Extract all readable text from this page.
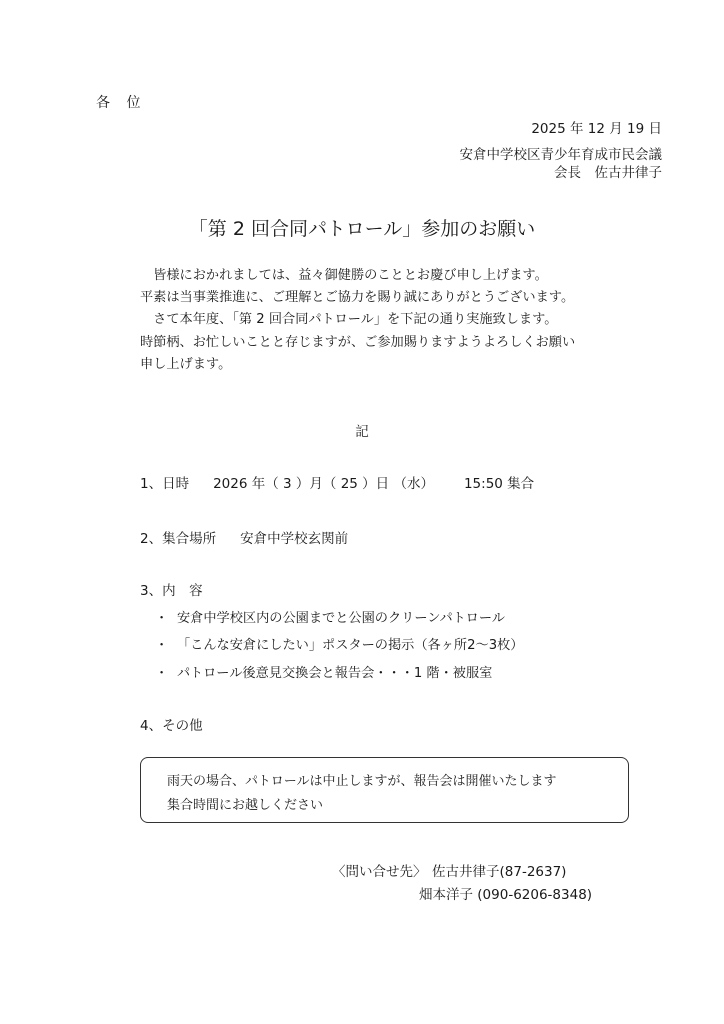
各 位
2025 年 12 月 19 日
安倉中学校区青少年育成市民会議
会長　佐古井律子
「第 2 回合同パトロール」参加のお願い

　皆様におかれましては、益々御健勝のこととお慶び申し上げます。

平素は当事業推進に、ご理解とご協力を賜り誠にありがとうございます。

　さて本年度、「第 2 回合同パトロール」を下記の通り実施致します。

時節柄、お忙しいことと存じますが、ご参加賜りますようよろしくお願い

申し上げます。

記
1、日時 2026 年（ 3 ）月（ 25 ）日 （水） 15:50 集合
2、集合場所 安倉中学校玄関前
3、内　容
・ 安倉中学校区内の公園までと公園のクリーンパトロール
・ 「こんな安倉にしたい」ポスターの掲示（各ヶ所2～3枚）
・ パトロール後意見交換会と報告会・・・1 階・被服室
4、その他
雨天の場合、パトロールは中止しますが、報告会は開催いたします
集合時間にお越しください
〈問い合せ先〉 佐古井律子(87-2637)
畑本洋子 (090-6206-8348)
